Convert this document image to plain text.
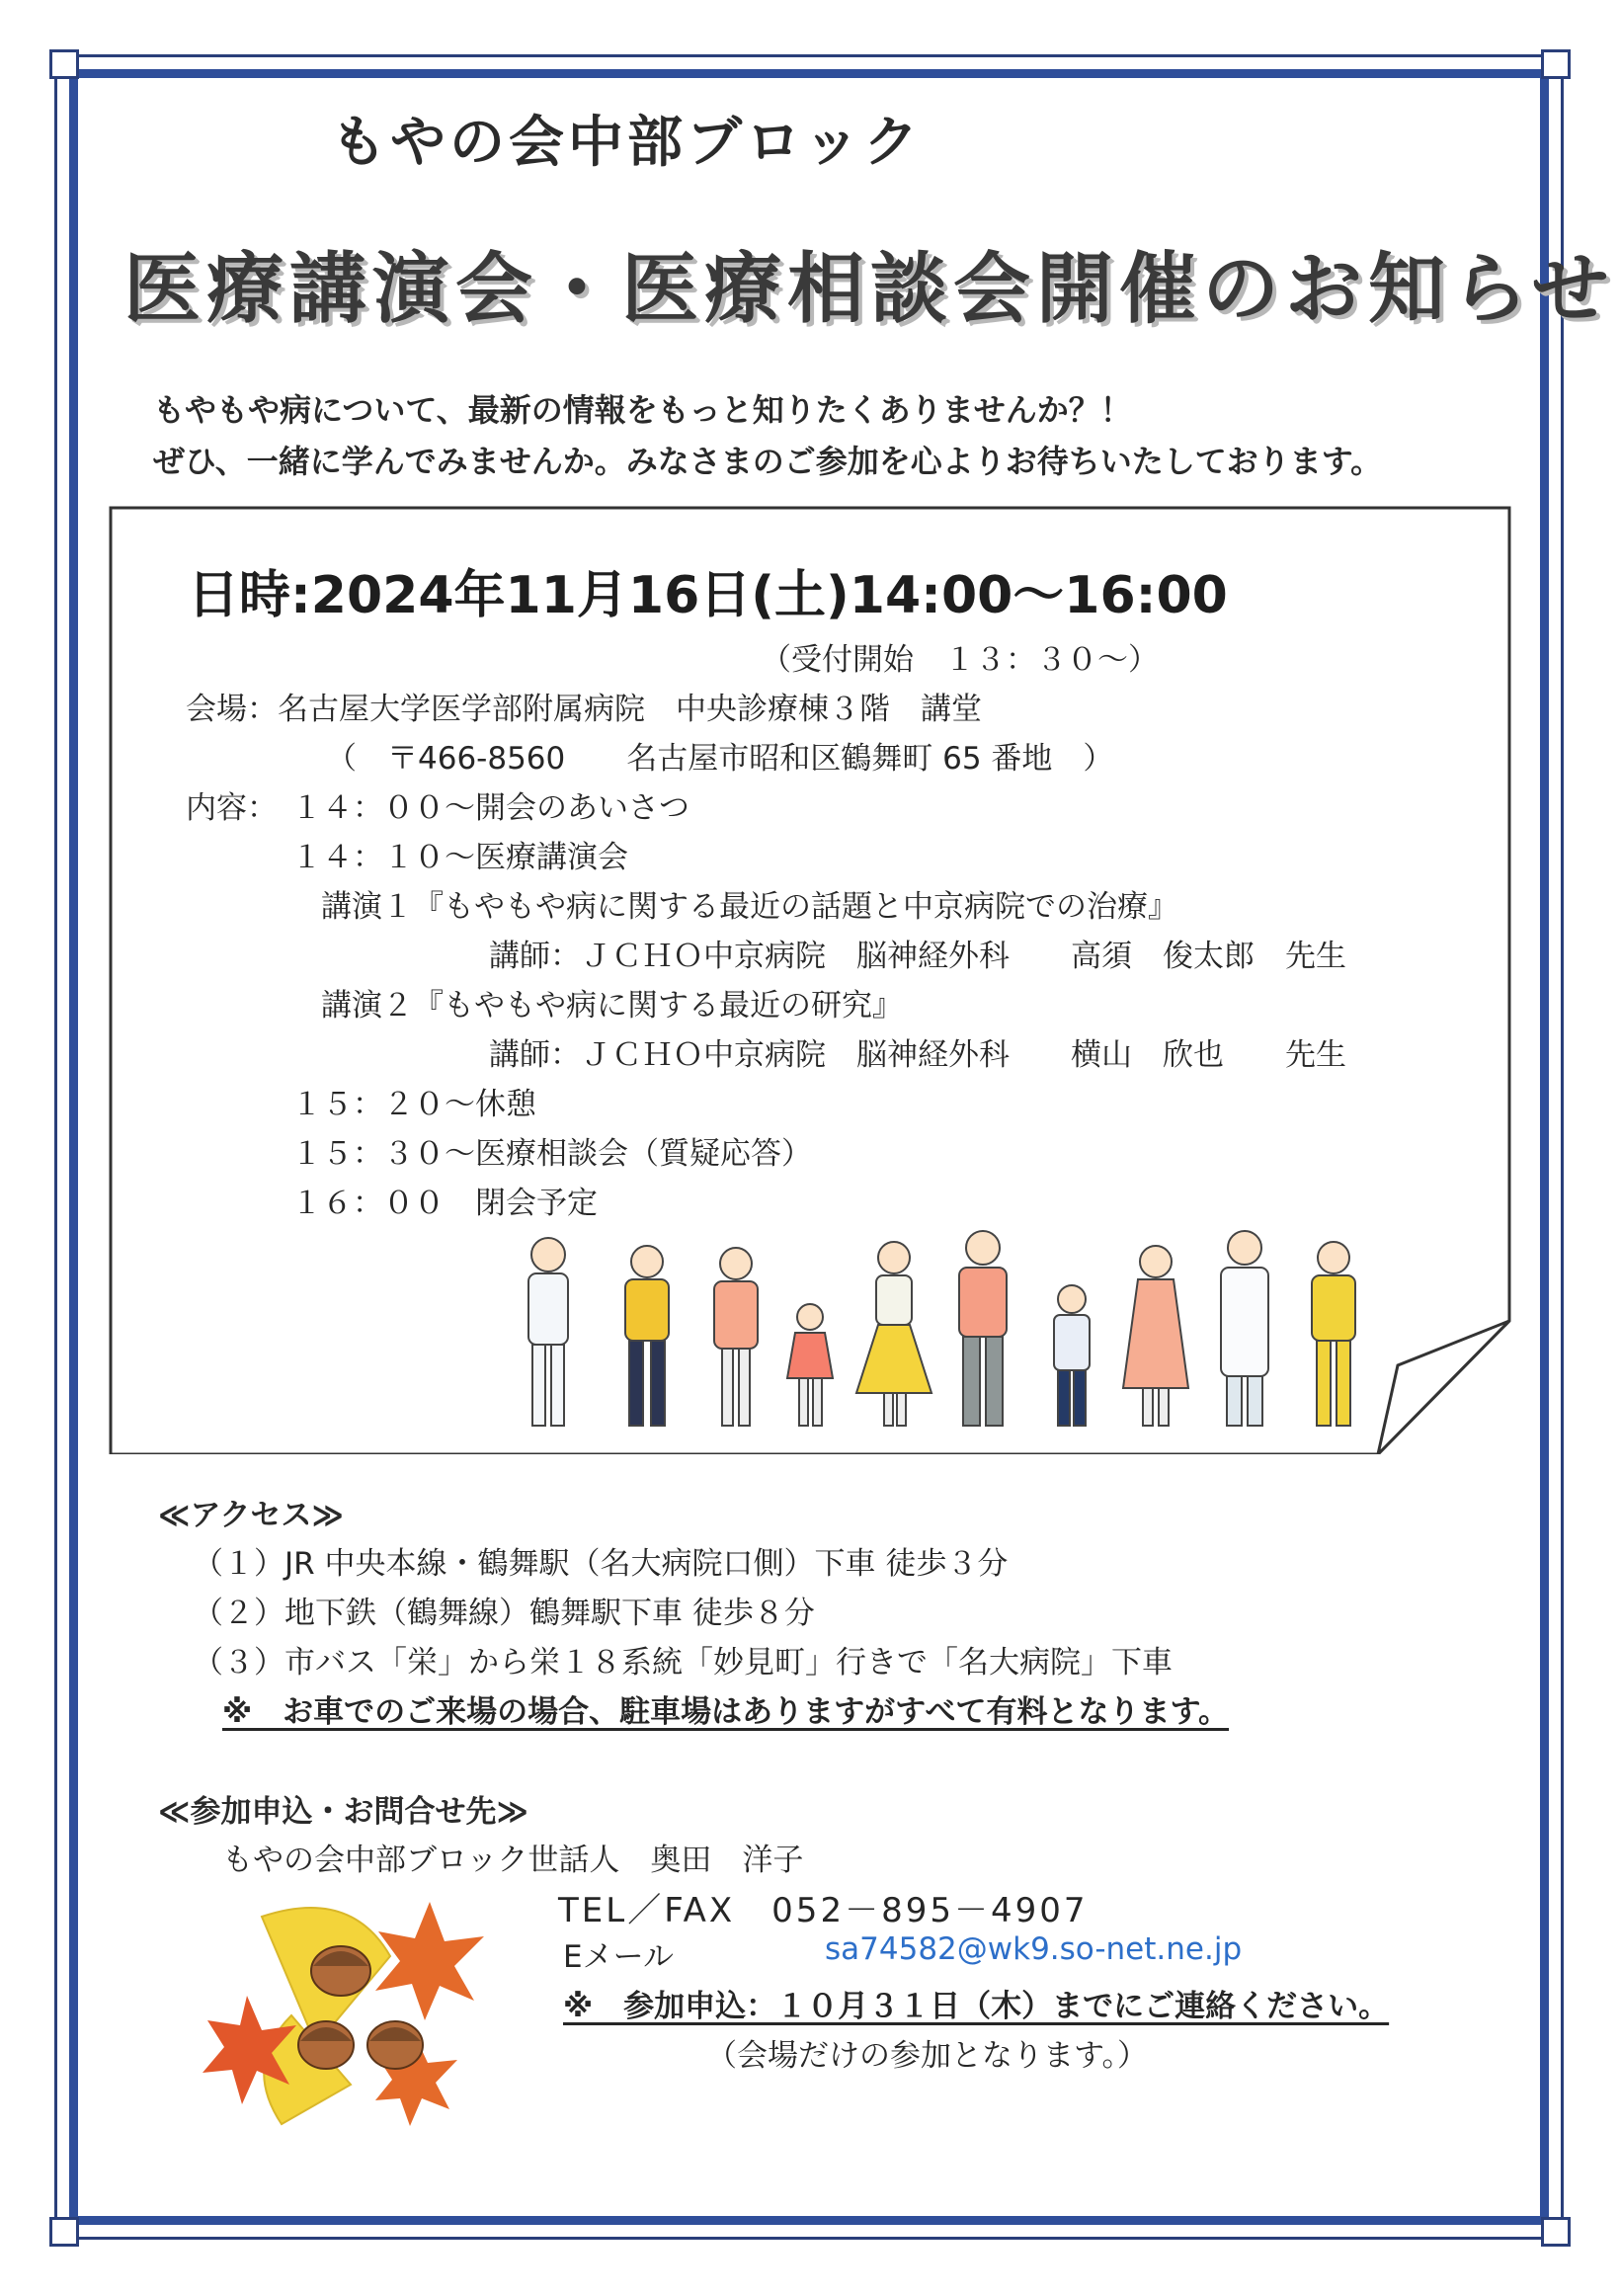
もやの会中部ブロック
医療講演会・医療相談会開催のお知らせ
もやもや病について、最新の情報をもっと知りたくありませんか？！
ぜひ、一緒に学んでみませんか。みなさまのご参加を心よりお待ちいたしております。
日時:2024年11月16日(土)14:00～16:00
（受付開始　１３：３０～）
会場：名古屋大学医学部附属病院　中央診療棟３階　講堂
（　〒466-8560　　名古屋市昭和区鶴舞町 65 番地　）
内容： １４：００～開会のあいさつ
１４：１０～医療講演会
講演１『もやもや病に関する最近の話題と中京病院での治療』
講師：ＪＣＨＯ中京病院　脳神経外科　　高須　俊太郎　先生
講演２『もやもや病に関する最近の研究』
講師：ＪＣＨＯ中京病院　脳神経外科　　横山　欣也　　先生
１５：２０～休憩
１５：３０～医療相談会（質疑応答）
１６：００　閉会予定
≪アクセス≫
（１）JR 中央本線・鶴舞駅（名大病院口側）下車 徒歩３分
（２）地下鉄（鶴舞線）鶴舞駅下車 徒歩８分
（３）市バス「栄」から栄１８系統「妙見町」行きで「名大病院」下車
※　お車でのご来場の場合、駐車場はありますがすべて有料となります。
≪参加申込・お問合せ先≫
もやの会中部ブロック世話人　奥田　洋子
TEL／FAX　052－895－4907
Eメール	sa74582@wk9.so-net.ne.jp
※　参加申込：１０月３１日（木）までにご連絡ください。
（会場だけの参加となります。）
